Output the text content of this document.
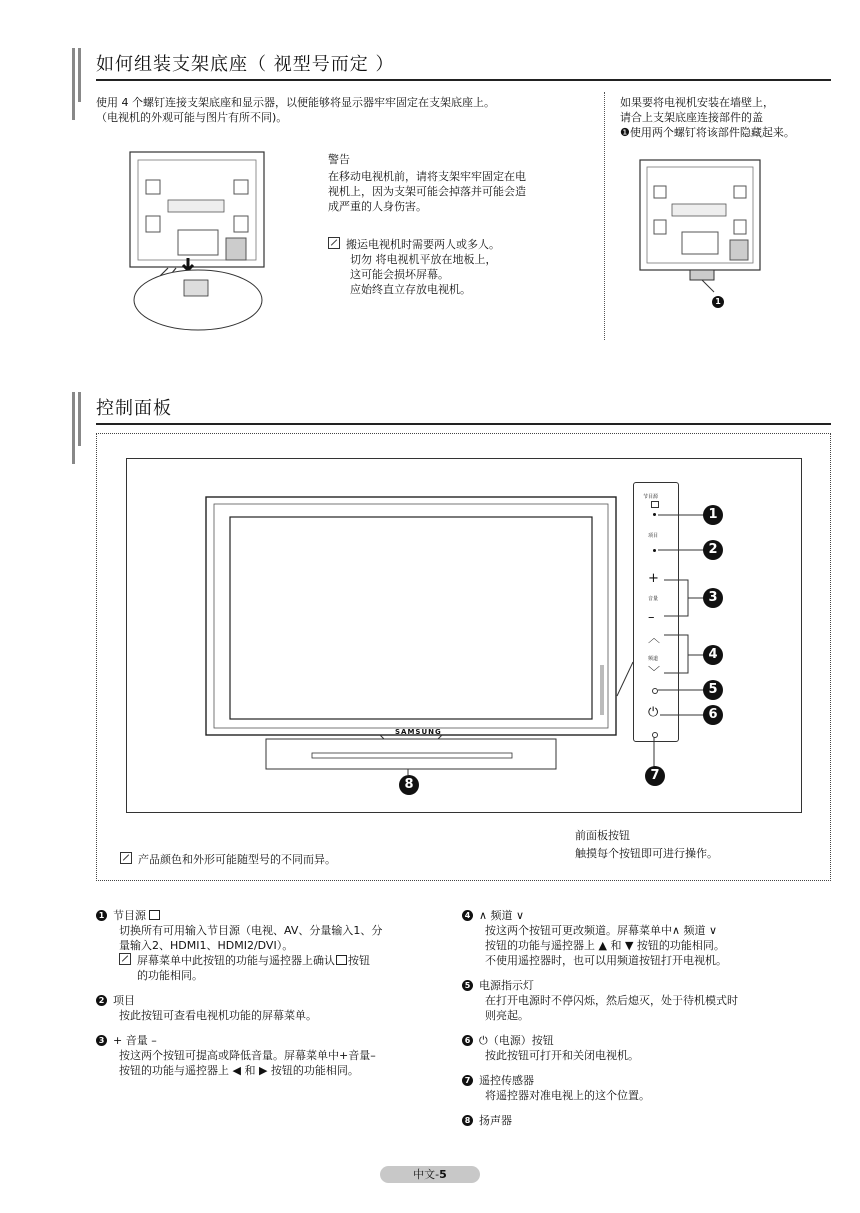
如何组装支架底座（ 视型号而定 ）
使用 4 个螺钉连接支架底座和显示器，以便能够将显示器牢牢固定在支架底座上。
（电视机的外观可能与图片有所不同)。
警告
在移动电视机前，请将支架牢牢固定在电
视机上，因为支架可能会掉落并可能会造
成严重的人身伤害。
搬运电视机时需要两人或多人。
切勿 将电视机平放在地板上，
这可能会损坏屏幕。
应始终直立存放电视机。
如果要将电视机安装在墙壁上，
请合上支架底座连接部件的盖
❶使用两个螺钉将该部件隐藏起来。
1
控制面板
SAMSUNG
节目源
项目
+
音量
–
︿
频道
﹀
⏻
1
2
3
4
5
6
7
8
前面板按钮
触摸每个按钮即可进行操作。
产品颜色和外形可能随型号的不同而异。
1 节目源
切换所有可用输入节目源（电视、AV、分量输入1、分
量输入2、HDMI1、HDMI2/DVI）。
屏幕菜单中此按钮的功能与遥控器上确认 按钮
的功能相同。
2 项目
按此按钮可查看电视机功能的屏幕菜单。
3 + 音量 –
按这两个按钮可提高或降低音量。屏幕菜单中+音量–
按钮的功能与遥控器上 ◀ 和 ▶ 按钮的功能相同。
4 ∧ 频道 ∨
按这两个按钮可更改频道。屏幕菜单中∧ 频道 ∨
按钮的功能与遥控器上 ▲ 和 ▼ 按钮的功能相同。
不使用遥控器时，也可以用频道按钮打开电视机。
5 电源指示灯
在打开电源时不停闪烁，然后熄灭，处于待机模式时
则亮起。
6 ⏻（电源）按钮
按此按钮可打开和关闭电视机。
7 遥控传感器
将遥控器对准电视上的这个位置。
8 扬声器
中文-5
